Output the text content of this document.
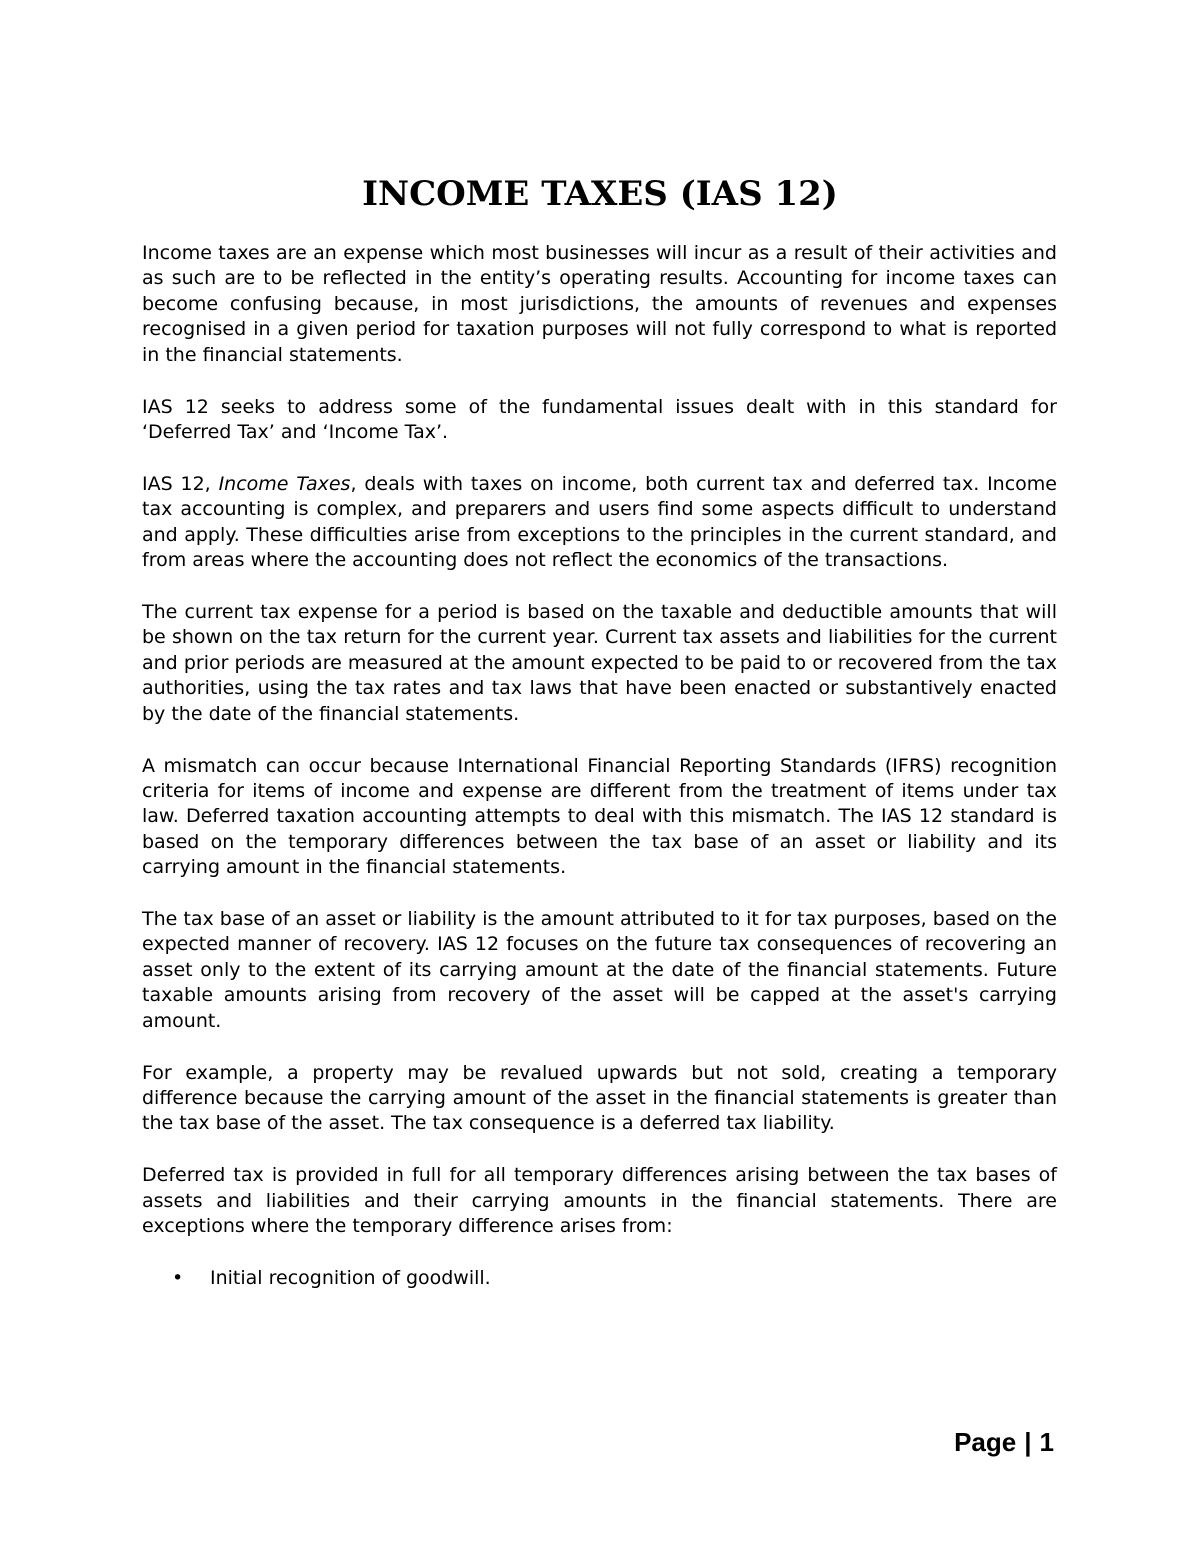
INCOME TAXES (IAS 12)

Income taxes are an expense which most businesses will incur as a result of their activities and as such are to be reflected in the entity’s operating results. Accounting for income taxes can become confusing because, in most jurisdictions, the amounts of revenues and expenses recognised in a given period for taxation purposes will not fully correspond to what is reported in the financial statements.

IAS 12 seeks to address some of the fundamental issues dealt with in this standard for ‘Deferred Tax’ and ‘Income Tax’.

IAS 12, Income Taxes, deals with taxes on income, both current tax and deferred tax. Income tax accounting is complex, and preparers and users find some aspects difficult to understand and apply. These difficulties arise from exceptions to the principles in the current standard, and from areas where the accounting does not reflect the economics of the transactions.

The current tax expense for a period is based on the taxable and deductible amounts that will be shown on the tax return for the current year. Current tax assets and liabilities for the current and prior periods are measured at the amount expected to be paid to or recovered from the tax authorities, using the tax rates and tax laws that have been enacted or substantively enacted by the date of the financial statements.

A mismatch can occur because International Financial Reporting Standards (IFRS) recognition criteria for items of income and expense are different from the treatment of items under tax law. Deferred taxation accounting attempts to deal with this mismatch. The IAS 12 standard is based on the temporary differences between the tax base of an asset or liability and its carrying amount in the financial statements.

The tax base of an asset or liability is the amount attributed to it for tax purposes, based on the expected manner of recovery. IAS 12 focuses on the future tax consequences of recovering an asset only to the extent of its carrying amount at the date of the financial statements. Future taxable amounts arising from recovery of the asset will be capped at the asset's carrying amount.

For example, a property may be revalued upwards but not sold, creating a temporary difference because the carrying amount of the asset in the financial statements is greater than the tax base of the asset. The tax consequence is a deferred tax liability.

Deferred tax is provided in full for all temporary differences arising between the tax bases of assets and liabilities and their carrying amounts in the financial statements. There are exceptions where the temporary difference arises from:

•	Initial recognition of goodwill.
Page | 1
